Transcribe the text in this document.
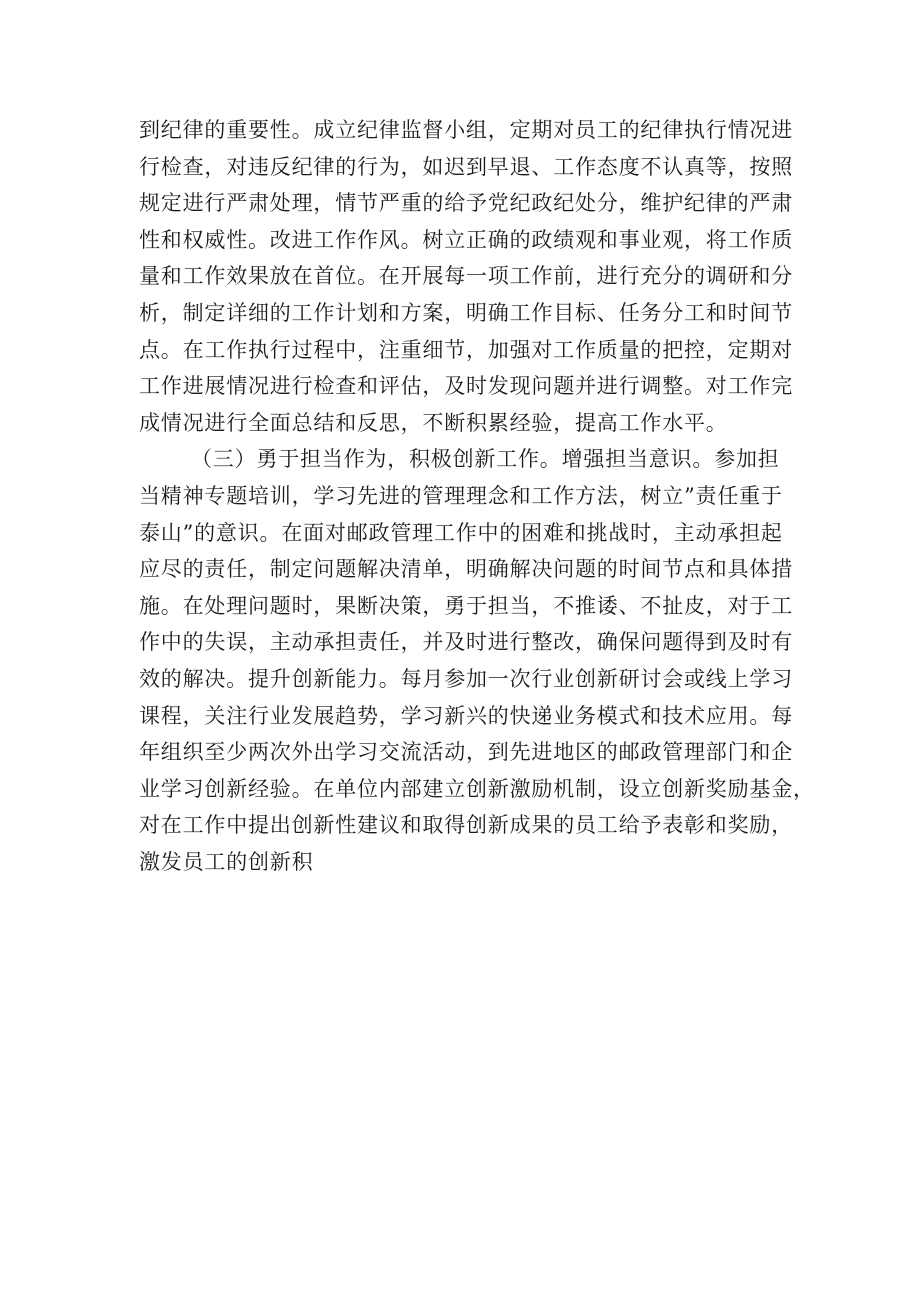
到纪律的重要性。成立纪律监督小组，定期对员工的纪律执行情况进
行检查，对违反纪律的行为，如迟到早退、工作态度不认真等，按照
规定进行严肃处理，情节严重的给予党纪政纪处分，维护纪律的严肃
性和权威性。改进工作作风。树立正确的政绩观和事业观，将工作质
量和工作效果放在首位。在开展每一项工作前，进行充分的调研和分
析，制定详细的工作计划和方案，明确工作目标、任务分工和时间节
点。在工作执行过程中，注重细节，加强对工作质量的把控，定期对
工作进展情况进行检查和评估，及时发现问题并进行调整。对工作完
成情况进行全面总结和反思，不断积累经验，提高工作水平。
（三）勇于担当作为，积极创新工作。增强担当意识。参加担
当精神专题培训，学习先进的管理理念和工作方法，树立”责任重于
泰山”的意识。在面对邮政管理工作中的困难和挑战时，主动承担起
应尽的责任，制定问题解决清单，明确解决问题的时间节点和具体措
施。在处理问题时，果断决策，勇于担当，不推诿、不扯皮，对于工
作中的失误，主动承担责任，并及时进行整改，确保问题得到及时有
效的解决。提升创新能力。每月参加一次行业创新研讨会或线上学习
课程，关注行业发展趋势，学习新兴的快递业务模式和技术应用。每
年组织至少两次外出学习交流活动，到先进地区的邮政管理部门和企
业学习创新经验。在单位内部建立创新激励机制，设立创新奖励基金，
对在工作中提出创新性建议和取得创新成果的员工给予表彰和奖励，
激发员工的创新积
